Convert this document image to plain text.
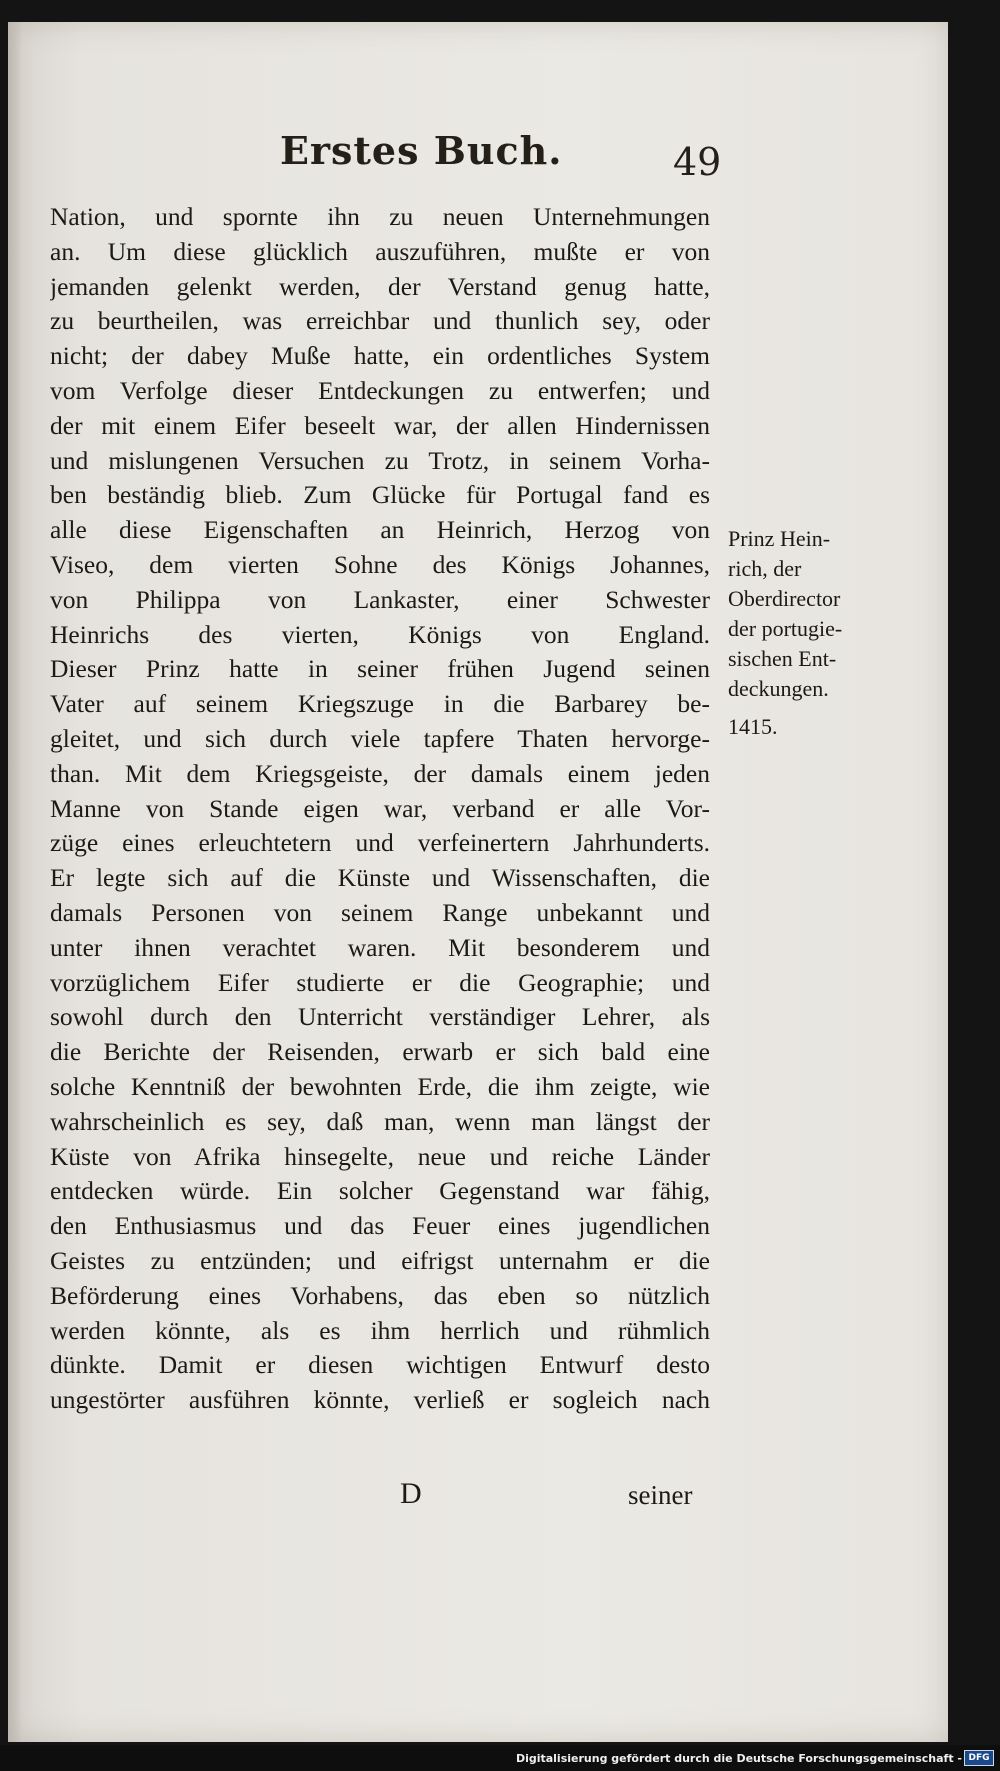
Erstes Buch.	49
Nation, und spornte ihn zu neuen Unternehmungen
an. Um diese glücklich auszuführen, mußte er von
jemanden gelenkt werden, der Verstand genug hatte,
zu beurtheilen, was erreichbar und thunlich sey, oder
nicht; der dabey Muße hatte, ein ordentliches System
vom Verfolge dieser Entdeckungen zu entwerfen; und
der mit einem Eifer beseelt war, der allen Hindernissen
und mislungenen Versuchen zu Trotz, in seinem Vorha-
ben beständig blieb. Zum Glücke für Portugal fand es
alle diese Eigenschaften an Heinrich, Herzog von
Viseo, dem vierten Sohne des Königs Johannes,
von Philippa von Lankaster, einer Schwester
Heinrichs des vierten, Königs von England.
Dieser Prinz hatte in seiner frühen Jugend seinen
Vater auf seinem Kriegszuge in die Barbarey be-
gleitet, und sich durch viele tapfere Thaten hervorge-
than. Mit dem Kriegsgeiste, der damals einem jeden
Manne von Stande eigen war, verband er alle Vor-
züge eines erleuchtetern und verfeinertern Jahrhunderts.
Er legte sich auf die Künste und Wissenschaften, die
damals Personen von seinem Range unbekannt und
unter ihnen verachtet waren. Mit besonderem und
vorzüglichem Eifer studierte er die Geographie; und
sowohl durch den Unterricht verständiger Lehrer, als
die Berichte der Reisenden, erwarb er sich bald eine
solche Kenntniß der bewohnten Erde, die ihm zeigte, wie
wahrscheinlich es sey, daß man, wenn man längst der
Küste von Afrika hinsegelte, neue und reiche Länder
entdecken würde. Ein solcher Gegenstand war fähig,
den Enthusiasmus und das Feuer eines jugendlichen
Geistes zu entzünden; und eifrigst unternahm er die
Beförderung eines Vorhabens, das eben so nützlich
werden könnte, als es ihm herrlich und rühmlich
dünkte. Damit er diesen wichtigen Entwurf desto
ungestörter ausführen könnte, verließ er sogleich nach
Prinz Hein-
rich, der
Oberdirector
der portugie-
sischen Ent-
deckungen.
1415.
D	seiner
Digitalisierung gefördert durch die Deutsche Forschungsgemeinschaft - DFG
